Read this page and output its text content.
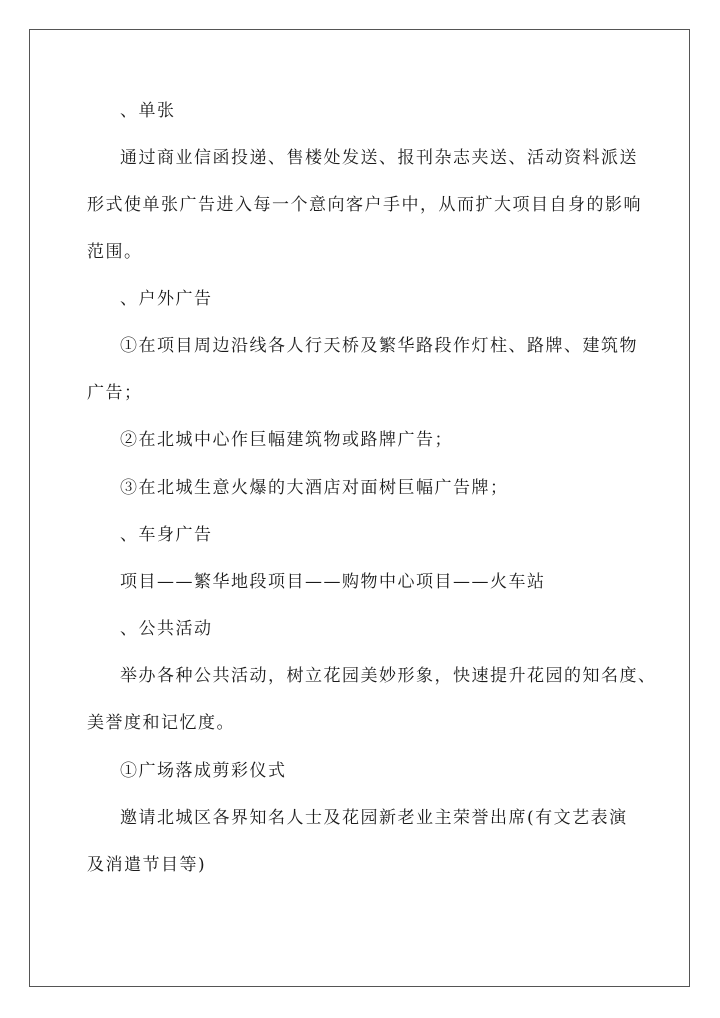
、单张
通过商业信函投递、售楼处发送、报刊杂志夹送、活动资料派送
形式使单张广告进入每一个意向客户手中，从而扩大项目自身的影响
范围。
、户外广告
①在项目周边沿线各人行天桥及繁华路段作灯柱、路牌、建筑物
广告；
②在北城中心作巨幅建筑物或路牌广告；
③在北城生意火爆的大酒店对面树巨幅广告牌；
、车身广告
项目——繁华地段项目——购物中心项目——火车站
、公共活动
举办各种公共活动，树立花园美妙形象，快速提升花园的知名度、
美誉度和记忆度。
①广场落成剪彩仪式
邀请北城区各界知名人士及花园新老业主荣誉出席(有文艺表演
及消遣节目等)
